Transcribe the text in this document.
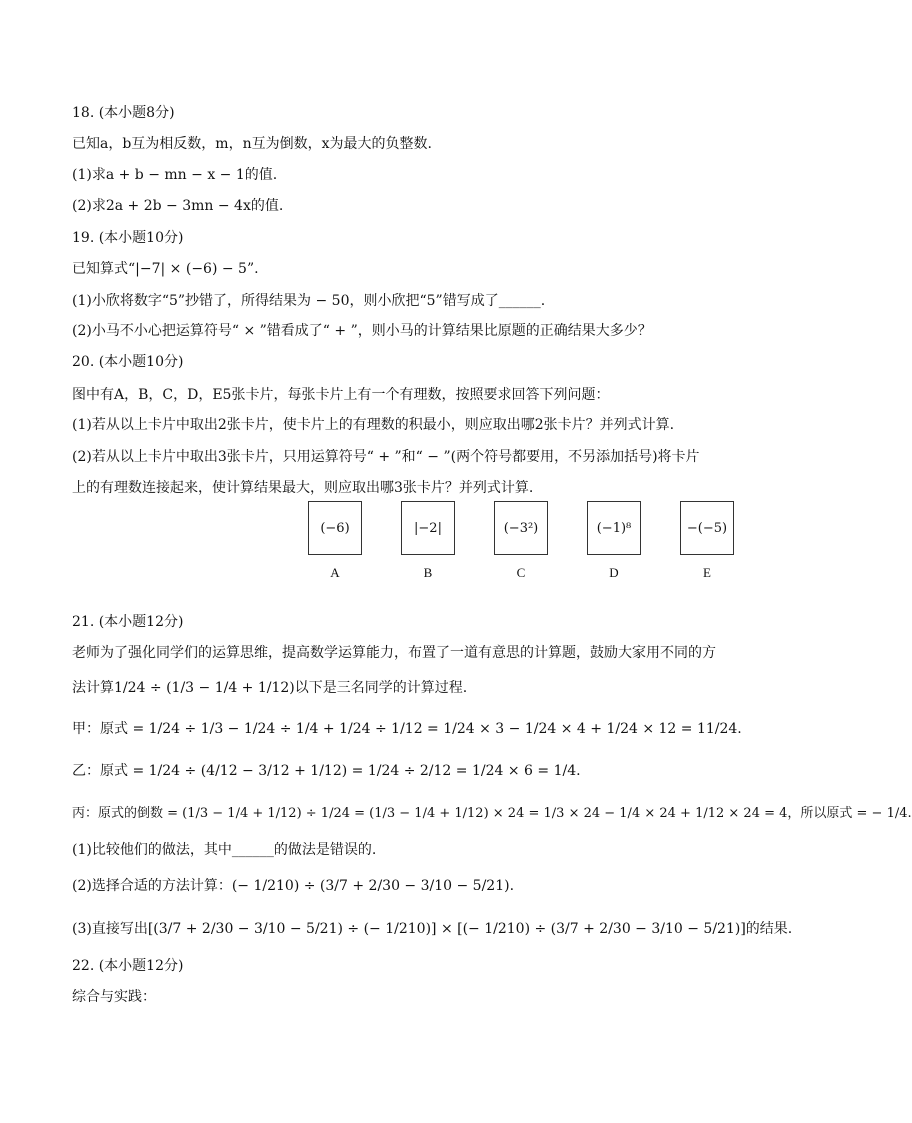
18. (本小题8分)
已知a，b互为相反数，m，n互为倒数，x为最大的负整数.
(1)求a + b − mn − x − 1的值.
(2)求2a + 2b − 3mn − 4x的值.
19. (本小题10分)
已知算式“|−7| × (−6) − 5”.
(1)小欣将数字“5”抄错了，所得结果为 − 50，则小欣把“5”错写成了______.
(2)小马不小心把运算符号“ × ”错看成了“ + ”，则小马的计算结果比原题的正确结果大多少？
20. (本小题10分)
图中有A，B，C，D，E5张卡片，每张卡片上有一个有理数，按照要求回答下列问题：
(1)若从以上卡片中取出2张卡片，使卡片上的有理数的积最小，则应取出哪2张卡片？并列式计算.
(2)若从以上卡片中取出3张卡片，只用运算符号“ + ”和“ − ”(两个符号都要用，不另添加括号)将卡片
上的有理数连接起来，使计算结果最大，则应取出哪3张卡片？并列式计算.
(−6)
A
|−2|
B
(−3²)
C
(−1)⁸
D
−(−5)
E
21. (本小题12分)
老师为了强化同学们的运算思维，提高数学运算能力，布置了一道有意思的计算题，鼓励大家用不同的方
法计算1/24 ÷ (1/3 − 1/4 + 1/12)以下是三名同学的计算过程.
甲：原式 = 1/24 ÷ 1/3 − 1/24 ÷ 1/4 + 1/24 ÷ 1/12 = 1/24 × 3 − 1/24 × 4 + 1/24 × 12 = 11/24.
乙：原式 = 1/24 ÷ (4/12 − 3/12 + 1/12) = 1/24 ÷ 2/12 = 1/24 × 6 = 1/4.
丙：原式的倒数 = (1/3 − 1/4 + 1/12) ÷ 1/24 = (1/3 − 1/4 + 1/12) × 24 = 1/3 × 24 − 1/4 × 24 + 1/12 × 24 = 4，所以原式 = − 1/4.
(1)比较他们的做法，其中______的做法是错误的.
(2)选择合适的方法计算：(− 1/210) ÷ (3/7 + 2/30 − 3/10 − 5/21).
(3)直接写出[(3/7 + 2/30 − 3/10 − 5/21) ÷ (− 1/210)] × [(− 1/210) ÷ (3/7 + 2/30 − 3/10 − 5/21)]的结果.
22. (本小题12分)
综合与实践：
